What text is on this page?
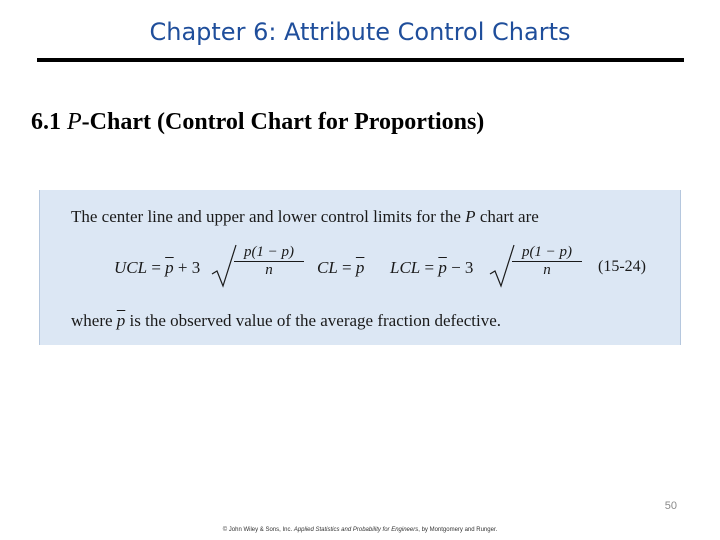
Chapter 6: Attribute Control Charts
6.1 P-Chart (Control Chart for Proportions)
The center line and upper and lower control limits for the P chart are
UCL = $\overline{p} + 3 \frac{p(1 - p)}{n}$ CL = $\overline{p}$ LCL = $\overline{p} - 3$	$\frac{p(1 - p)}{n} (15-24)$
where $\overline{p}$ is the observed value of the average fraction defective.
50
© John Wiley & Sons, Inc. Applied Statistics and Probability for Engineers, by Montgomery and Runger.
